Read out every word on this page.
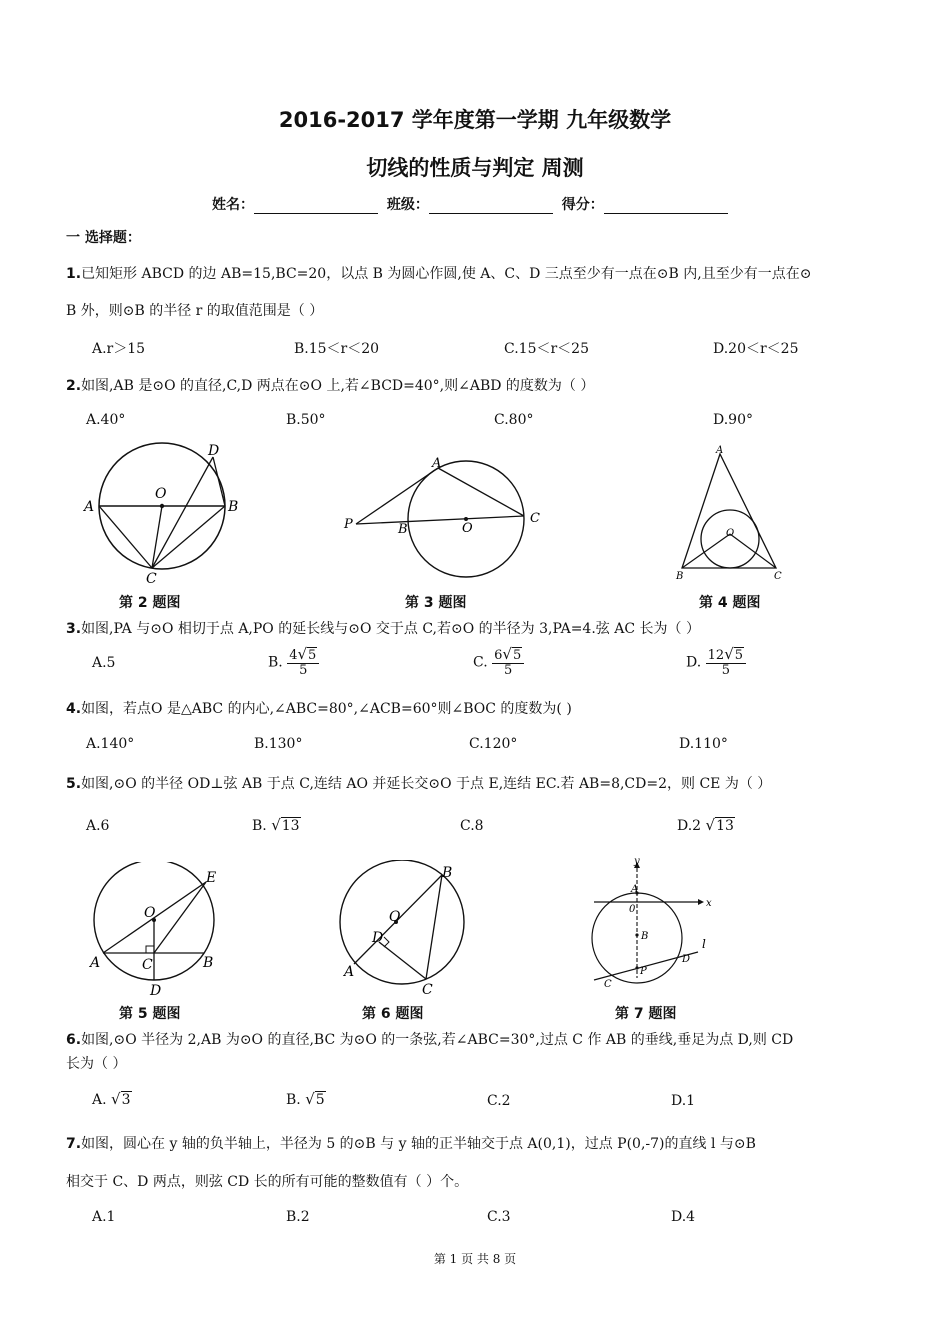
2016-2017 学年度第一学期 九年级数学
切线的性质与判定 周测
姓名：	班级：	得分：
一 选择题：
1.已知矩形 ABCD 的边 AB=15,BC=20，以点 B 为圆心作圆,使 A、C、D 三点至少有一点在⊙B 内,且至少有一点在⊙
B 外，则⊙B 的半径 r 的取值范围是（ ）
A.r＞15	B.15＜r＜20	C.15＜r＜25	D.20＜r＜25
2.如图,AB 是⊙O 的直径,C,D 两点在⊙O 上,若∠BCD=40°,则∠ABD 的度数为（ ）
A.40°	B.50°	C.80°	D.90°
A	B
C
D
O
P
A
B	O
C
A
B	C
O
第 2 题图	第 3 题图	第 4 题图
3.如图,PA 与⊙O 相切于点 A,PO 的延长线与⊙O 交于点 C,若⊙O 的半径为 3,PA=4.弦 AC 长为（ ）
A.5	B. $\frac{4√5}{5}$	C. $\frac{6√5}{5}$	D. $\frac{12√5}{5}$
4.如图，若点O 是△ABC 的内心,∠ABC=80°,∠ACB=60°则∠BOC 的度数为( )
A.140°	B.130°	C.120°	D.110°
5.如图,⊙O 的半径 OD⊥弦 AB 于点 C,连结 AO 并延长交⊙O 于点 E,连结 EC.若 AB=8,CD=2，则 CE 为（ ）
A.6	B. √13	C.8	D.2 √13
O
E
A	C	B
D
B
O
D
A
C
y
x
A
0
B
P
C
D
l
第 5 题图	第 6 题图	第 7 题图
6.如图,⊙O 半径为 2,AB 为⊙O 的直径,BC 为⊙O 的一条弦,若∠ABC=30°,过点 C 作 AB 的垂线,垂足为点 D,则 CD
长为（ ）
A. √3	B. √5	C.2	D.1
7.如图，圆心在 y 轴的负半轴上，半径为 5 的⊙B 与 y 轴的正半轴交于点 A(0,1)，过点 P(0,-7)的直线 l 与⊙B
相交于 C、D 两点，则弦 CD 长的所有可能的整数值有（ ）个。
A.1	B.2	C.3	D.4
第 1 页 共 8 页
